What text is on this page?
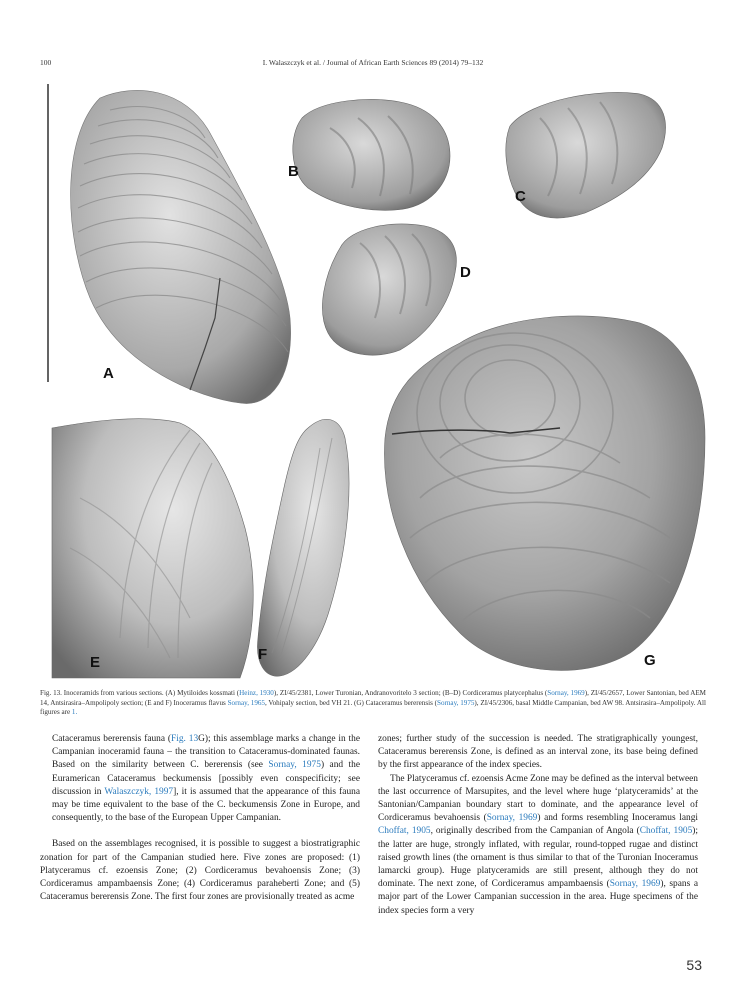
100	I. Walaszczyk et al. / Journal of African Earth Sciences 89 (2014) 79–132
A
B
C
D
E	F	G
Fig. 13. Inoceramids from various sections. (A) Mytiloides kossmati (Heinz, 1930), ZI/45/2381, Lower Turonian, Andranovoritelo 3 section; (B–D) Cordiceramus platycephalus (Sornay, 1969), ZI/45/2657, Lower Santonian, bed AEM 14, Antsirasira–Ampolipoly section; (E and F) Inoceramus flavus Sornay, 1965, Vohipaly section, bed VH 21. (G) Cataceramus bererensis (Sornay, 1975), ZI/45/2306, basal Middle Campanian, bed AW 98. Antsirasira–Ampolipoly. All figures are 1.

Cataceramus bererensis fauna (Fig. 13G); this assemblage marks a change in the Campanian inoceramid fauna – the transition to Cataceramus-dominated faunas. Based on the similarity between C. bererensis (see Sornay, 1975) and the Euramerican Cataceramus beckumensis [possibly even conspecificity; see discussion in Walaszczyk, 1997], it is assumed that the appearance of this fauna may be time equivalent to the base of the C. beckumensis Zone in Europe, and consequently, to the base of the European Upper Campanian.

Based on the assemblages recognised, it is possible to suggest a biostratigraphic zonation for part of the Campanian studied here. Five zones are proposed: (1) Platyceramus cf. ezoensis Zone; (2) Cordiceramus bevahoensis Zone; (3) Cordiceramus ampambaensis Zone; (4) Cordiceramus paraheberti Zone; and (5) Cataceramus bererensis Zone. The first four zones are provisionally treated as acme

zones; further study of the succession is needed. The stratigraphically youngest, Cataceramus bererensis Zone, is defined as an interval zone, its base being defined by the first appearance of the index species.

The Platyceramus cf. ezoensis Acme Zone may be defined as the interval between the last occurrence of Marsupites, and the level where huge ‘platyceramids’ at the Santonian/Campanian boundary start to dominate, and the appearance level of Cordiceramus bevahoensis (Sornay, 1969) and forms resembling Inoceramus langi Choffat, 1905, originally described from the Campanian of Angola (Choffat, 1905); the latter are huge, strongly inflated, with regular, round-topped rugae and distinct raised growth lines (the ornament is thus similar to that of the Turonian Inoceramus lamarcki group). Huge platyceramids are still present, although they do not dominate. The next zone, of Cordiceramus ampambaensis (Sornay, 1969), spans a major part of the Lower Campanian succession in the area. Huge specimens of the index species form a very

53
